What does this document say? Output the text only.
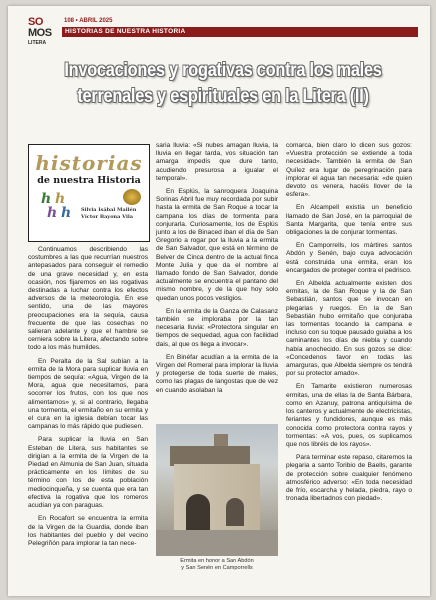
SO
MOS
LITERA
108 • ABRIL 2025
HISTORIAS DE NUESTRA HISTORIA
Invocaciones y rogativas contra los males
terrenales y espirituales en la Litera (II)
historias
de nuestra Historia
h h
h h Silvia Isábal Mallén
Víctor Bayona Vila

Continuamos describiendo las costumbres a las que recurrían nuestros antepasados para conseguir el remedio de una grave necesidad y, en esta ocasión, nos fijaremos en las rogativas destinadas a luchar contra los efectos adversos de la meteorología. En ese sentido, una de las mayores preocupaciones era la sequía, causa frecuente de que las cosechas no salieran adelante y que el hambre se cerniera sobre la Litera, afectando sobre todo a los más humildes.

En Peralta de la Sal subían a la ermita de la Mora para suplicar lluvia en tiempos de sequía: «Agua, Virgen de la Mora, agua que necesitamos, para socorrer los frutos, con los que nos alimentamos» y, si al contrario, llegaba una tormenta, el ermitaño en su ermita y el cura en la iglesia debían tocar las campanas lo más rápido que pudiesen.

Para suplicar la lluvia en San Esteban de Litera, sus habitantes se dirigían a la ermita de la Virgen de la Piedad en Almunia de San Juan, situada prácticamente en los límites de su término con los de esta población mediocinqueña, y se cuenta que era tan efectiva la rogativa que los romeros acudían ya con paraguas.

En Rocafort se encuentra la ermita de la Virgen de la Guardia, donde iban los habitantes del pueblo y del vecino Pelegriñón para implorar la tan nece-

saria lluvia: «Si nubes amagan lluvia, la lluvia en llegar tarda, vos situación tan amarga impedís que dure tanto, acudiendo presurosa a igualar el temporal».

En Esplús, la sanroquera Joaquina Sorinas Abril fue muy recordada por subir hasta la ermita de San Roque a tocar la campana los días de tormenta para conjurarla. Curiosamente, los de Esplús junto a los de Binaced iban el día de San Gregorio a rogar por la lluvia a la ermita de San Salvador, que está en término de Belver de Cinca dentro de la actual finca Monte Julia y que da el nombre al llamado fondo de San Salvador, donde actualmente se encuentra el pantano del mismo nombre, y de la que hoy solo quedan unos pocos vestigios.

En la ermita de la Ganza de Calasanz también se imploraba por la tan necesaria lluvia: «Protectora singular en tiempos de sequedad, agua con facilidad dais, al que os llega a invocar».

En Binéfar acudían a la ermita de la Virgen del Romeral para implorar la lluvia y protegerse de toda suerte de males, como las plagas de langostas que de vez en cuando asolaban la

Ermita en honor a San Abdón
y San Senén en Camporrells

comarca, bien claro lo dicen sus gozos: «Vuestra protección se extiende a toda necesidad». También la ermita de San Quílez era lugar de peregrinación para implorar el agua tan necesaria: «de quien devoto os venera, hacéis llover de la esfera».

En Alcampell existía un beneficio llamado de San José, en la parroquial de Santa Margarita, que tenía entre sus obligaciones la de conjurar tormentas.

En Camporrells, los mártires santos Abdón y Senén, bajo cuya advocación está construida una ermita, eran los encargados de proteger contra el pedrisco.

En Albelda actualmente existen dos ermitas, la de San Roque y la de San Sebastián, santos que se invocan en plegarias y ruegos. En la de San Sebastián hubo ermitaño que conjuraba las tormentas tocando la campana e incluso con su toque pausado guiaba a los caminantes los días de niebla y cuando había anochecido. En sus gozos se dice: «Concedenos favor en todas las amarguras, que Albelda siempre os tendrá por su protector amado».

En Tamarite existieron numerosas ermitas, una de ellas la de Santa Bárbara, como en Azanuy, patrona antiquísima de los canteros y actualmente de electricistas, feriantes y fundidores, aunque es más conocida como protectora contra rayos y tormentas: «A vos, pues, os suplicamos que nos libréis de los rayos».

Para terminar este repaso, citaremos la plegaria a santo Toribio de Baells, garante de protección sobre cualquier fenómeno atmosférico adverso: «En toda necesidad de frío, escarcha y helada, piedra, rayo o tronada libertadnos con piedad».
